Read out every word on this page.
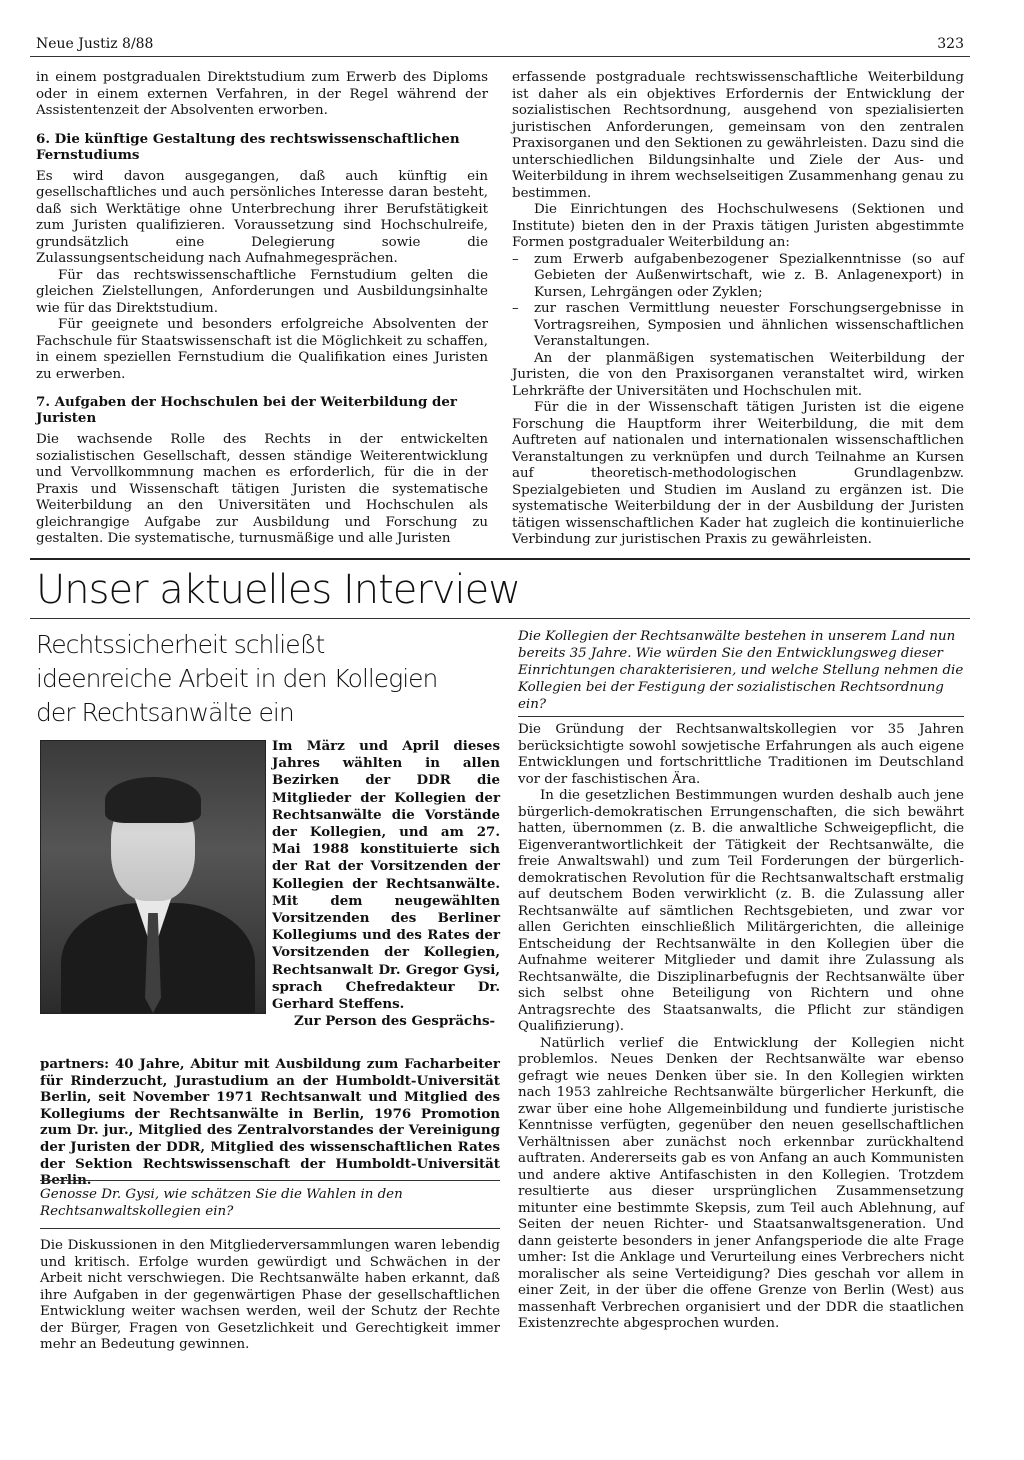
Neue Justiz 8/88	323

in einem postgradualen Direktstudium zum Erwerb des Diploms oder in einem externen Verfahren, in der Regel während der Assistentenzeit der Absolventen erworben.

6. Die künftige Gestaltung des rechtswissenschaftlichen Fernstudiums

Es wird davon ausgegangen, daß auch künftig ein gesellschaftliches und auch persönliches Interesse daran besteht, daß sich Werktätige ohne Unterbrechung ihrer Berufstätigkeit zum Juristen qualifizieren. Voraussetzung sind Hochschulreife, grundsätzlich eine Delegierung sowie die Zulassungsentscheidung nach Aufnahmegesprächen.

Für das rechtswissenschaftliche Fernstudium gelten die gleichen Zielstellungen, Anforderungen und Ausbildungsinhalte wie für das Direktstudium.

Für geeignete und besonders erfolgreiche Absolventen der Fachschule für Staatswissenschaft ist die Möglichkeit zu schaffen, in einem speziellen Fernstudium die Qualifikation eines Juristen zu erwerben.

7. Aufgaben der Hochschulen bei der Weiterbildung der Juristen

Die wachsende Rolle des Rechts in der entwickelten sozialistischen Gesellschaft, dessen ständige Weiterentwicklung und Vervollkommnung machen es erforderlich, für die in der Praxis und Wissenschaft tätigen Juristen die systematische Weiterbildung an den Universitäten und Hochschulen als gleichrangige Aufgabe zur Ausbildung und Forschung zu gestalten. Die systematische, turnusmäßige und alle Juristen

erfassende postgraduale rechtswissenschaftliche Weiterbildung ist daher als ein objektives Erfordernis der Entwicklung der sozialistischen Rechtsordnung, ausgehend von spezialisierten juristischen Anforderungen, gemeinsam von den zentralen Praxisorganen und den Sektionen zu gewährleisten. Dazu sind die unterschiedlichen Bildungsinhalte und Ziele der Aus- und Weiterbildung in ihrem wechselseitigen Zusammenhang genau zu bestimmen.

Die Einrichtungen des Hochschulwesens (Sektionen und Institute) bieten den in der Praxis tätigen Juristen abgestimmte Formen postgradualer Weiterbildung an:

–	zum Erwerb aufgabenbezogener Spezialkenntnisse (so auf Gebieten der Außenwirtschaft, wie z. B. Anlagenexport) in Kursen, Lehrgängen oder Zyklen;
–	zur raschen Vermittlung neuester Forschungsergebnisse in Vortragsreihen, Symposien und ähnlichen wissenschaftlichen Veranstaltungen.

An der planmäßigen systematischen Weiterbildung der Juristen, die von den Praxisorganen veranstaltet wird, wirken Lehrkräfte der Universitäten und Hochschulen mit.

Für die in der Wissenschaft tätigen Juristen ist die eigene Forschung die Hauptform ihrer Weiterbildung, die mit dem Auftreten auf nationalen und internationalen wissenschaftlichen Veranstaltungen zu verknüpfen und durch Teilnahme an Kursen auf theoretisch-methodologischen Grundlagenbzw. Spezialgebieten und Studien im Ausland zu ergänzen ist. Die systematische Weiterbildung der in der Ausbildung der Juristen tätigen wissenschaftlichen Kader hat zugleich die kontinuierliche Verbindung zur juristischen Praxis zu gewährleisten.

Unser aktuelles Interview
Rechtssicherheit schließt
ideenreiche Arbeit in den Kollegien
der Rechtsanwälte ein

Im März und April dieses Jahres wählten in allen Bezirken der DDR die Mitglieder der Kollegien der Rechtsanwälte die Vorstände der Kollegien, und am 27. Mai 1988 konstituierte sich der Rat der Vorsitzenden der Kollegien der Rechtsanwälte. Mit dem neugewählten Vorsitzenden des Berliner Kollegiums und des Rates der Vorsitzenden der Kollegien, Rechtsanwalt Dr. Gregor Gysi, sprach Chefredakteur Dr. Gerhard Steffens.

Zur Person des Gesprächs-

partners: 40 Jahre, Abitur mit Ausbildung zum Facharbeiter für Rinderzucht, Jurastudium an der Humboldt-Universität Berlin, seit November 1971 Rechtsanwalt und Mitglied des Kollegiums der Rechtsanwälte in Berlin, 1976 Promotion zum Dr. jur., Mitglied des Zentralvorstandes der Vereinigung der Juristen der DDR, Mitglied des wissenschaftlichen Rates der Sektion Rechtswissenschaft der Humboldt-Universität Berlin.

Genosse Dr. Gysi, wie schätzen Sie die Wahlen in den Rechtsanwaltskollegien ein?

Die Diskussionen in den Mitgliederversammlungen waren lebendig und kritisch. Erfolge wurden gewürdigt und Schwächen in der Arbeit nicht verschwiegen. Die Rechtsanwälte haben erkannt, daß ihre Aufgaben in der gegenwärtigen Phase der gesellschaftlichen Entwicklung weiter wachsen werden, weil der Schutz der Rechte der Bürger, Fragen von Gesetzlichkeit und Gerechtigkeit immer mehr an Bedeutung gewinnen.

Die Kollegien der Rechtsanwälte bestehen in unserem Land nun bereits 35 Jahre. Wie würden Sie den Entwicklungsweg dieser Einrichtungen charakterisieren, und welche Stellung nehmen die Kollegien bei der Festigung der sozialistischen Rechtsordnung ein?

Die Gründung der Rechtsanwaltskollegien vor 35 Jahren berücksichtigte sowohl sowjetische Erfahrungen als auch eigene Entwicklungen und fortschrittliche Traditionen im Deutschland vor der faschistischen Ära.

In die gesetzlichen Bestimmungen wurden deshalb auch jene bürgerlich-demokratischen Errungenschaften, die sich bewährt hatten, übernommen (z. B. die anwaltliche Schweigepflicht, die Eigenverantwortlichkeit der Tätigkeit der Rechtsanwälte, die freie Anwaltswahl) und zum Teil Forderungen der bürgerlich-demokratischen Revolution für die Rechtsanwaltschaft erstmalig auf deutschem Boden verwirklicht (z. B. die Zulassung aller Rechtsanwälte auf sämtlichen Rechtsgebieten, und zwar vor allen Gerichten einschließlich Militärgerichten, die alleinige Entscheidung der Rechtsanwälte in den Kollegien über die Aufnahme weiterer Mitglieder und damit ihre Zulassung als Rechtsanwälte, die Disziplinarbefugnis der Rechtsanwälte über sich selbst ohne Beteiligung von Richtern und ohne Antragsrechte des Staatsanwalts, die Pflicht zur ständigen Qualifizierung).

Natürlich verlief die Entwicklung der Kollegien nicht problemlos. Neues Denken der Rechtsanwälte war ebenso gefragt wie neues Denken über sie. In den Kollegien wirkten nach 1953 zahlreiche Rechtsanwälte bürgerlicher Herkunft, die zwar über eine hohe Allgemeinbildung und fundierte juristische Kenntnisse verfügten, gegenüber den neuen gesellschaftlichen Verhältnissen aber zunächst noch erkennbar zurückhaltend auftraten. Andererseits gab es von Anfang an auch Kommunisten und andere aktive Antifaschisten in den Kollegien. Trotzdem resultierte aus dieser ursprünglichen Zusammensetzung mitunter eine bestimmte Skepsis, zum Teil auch Ablehnung, auf Seiten der neuen Richter- und Staatsanwaltsgeneration. Und dann geisterte besonders in jener Anfangsperiode die alte Frage umher: Ist die Anklage und Verurteilung eines Verbrechers nicht moralischer als seine Verteidigung? Dies geschah vor allem in einer Zeit, in der über die offene Grenze von Berlin (West) aus massenhaft Verbrechen organisiert und der DDR die staatlichen Existenzrechte abgesprochen wurden.
